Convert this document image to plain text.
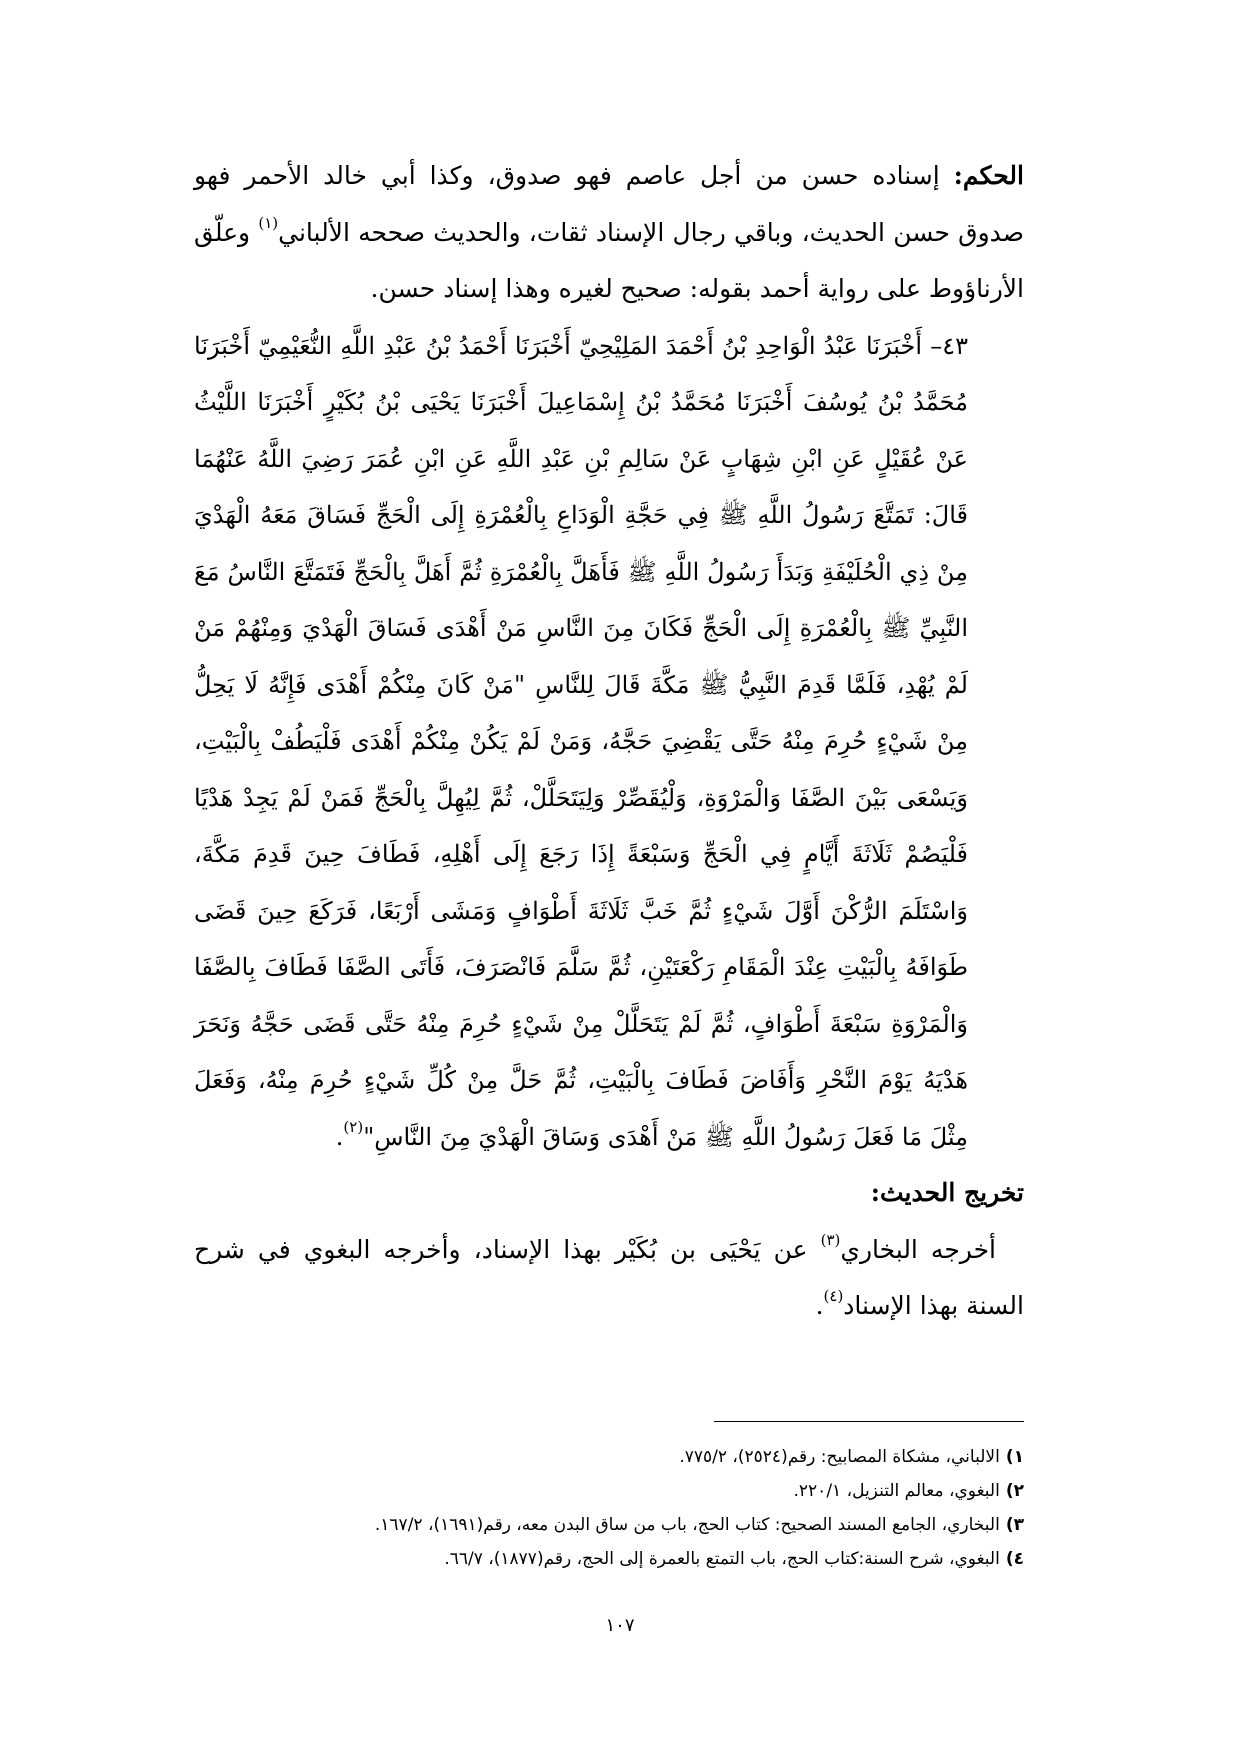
الحكم: إسناده حسن من أجل عاصم فهو صدوق، وكذا أبي خالد الأحمر فهو صدوق حسن الحديث، وباقي رجال الإسناد ثقات، والحديث صححه الألباني$^{(١)}$ وعلّق الأرناؤوط على رواية أحمد بقوله: صحيح لغيره وهذا إسناد حسن.

٤٣– أَخْبَرَنَا عَبْدُ الْوَاحِدِ بْنُ أَحْمَدَ المَلِيْحِيّ أَخْبَرَنَا أَحْمَدُ بْنُ عَبْدِ اللَّهِ النُّعَيْمِيّ أَخْبَرَنَا مُحَمَّدُ بْنُ يُوسُفَ أَخْبَرَنَا مُحَمَّدُ بْنُ إِسْمَاعِيلَ أَخْبَرَنَا يَحْيَى بْنُ بُكَيْرٍ أَخْبَرَنَا اللَّيْثُ عَنْ عُقَيْلٍ عَنِ ابْنِ شِهَابٍ عَنْ سَالِمِ بْنِ عَبْدِ اللَّهِ عَنِ ابْنِ عُمَرَ رَضِيَ اللَّهُ عَنْهُمَا قَالَ: تَمَتَّعَ رَسُولُ اللَّهِ ﷺ فِي حَجَّةِ الْوَدَاعِ بِالْعُمْرَةِ إِلَى الْحَجِّ فَسَاقَ مَعَهُ الْهَدْيَ مِنْ ذِي الْحُلَيْفَةِ وَبَدَأَ رَسُولُ اللَّهِ ﷺ فَأَهَلَّ بِالْعُمْرَةِ ثُمَّ أَهَلَّ بِالْحَجِّ فَتَمَتَّعَ النَّاسُ مَعَ النَّبِيِّ ﷺ بِالْعُمْرَةِ إِلَى الْحَجِّ فَكَانَ مِنَ النَّاسِ مَنْ أَهْدَى فَسَاقَ الْهَدْيَ وَمِنْهُمْ مَنْ لَمْ يُهْدِ، فَلَمَّا قَدِمَ النَّبِيُّ ﷺ مَكَّةَ قَالَ لِلنَّاسِ "مَنْ كَانَ مِنْكُمْ أَهْدَى فَإِنَّهُ لَا يَحِلُّ مِنْ شَيْءٍ حُرِمَ مِنْهُ حَتَّى يَقْضِيَ حَجَّهُ، وَمَنْ لَمْ يَكُنْ مِنْكُمْ أَهْدَى فَلْيَطُفْ بِالْبَيْتِ، وَيَسْعَى بَيْنَ الصَّفَا وَالْمَرْوَةِ، وَلْيُقَصِّرْ وَلِيَتَحَلَّلْ، ثُمَّ لِيُهِلَّ بِالْحَجِّ فَمَنْ لَمْ يَجِدْ هَدْيًا فَلْيَصُمْ ثَلَاثَةَ أَيَّامٍ فِي الْحَجِّ وَسَبْعَةً إِذَا رَجَعَ إِلَى أَهْلِهِ، فَطَافَ حِينَ قَدِمَ مَكَّةَ، وَاسْتَلَمَ الرُّكْنَ أَوَّلَ شَيْءٍ ثُمَّ خَبَّ ثَلَاثَةَ أَطْوَافٍ وَمَشَى أَرْبَعًا، فَرَكَعَ حِينَ قَضَى طَوَافَهُ بِالْبَيْتِ عِنْدَ الْمَقَامِ رَكْعَتَيْنِ، ثُمَّ سَلَّمَ فَانْصَرَفَ، فَأَتَى الصَّفَا فَطَافَ بِالصَّفَا وَالْمَرْوَةِ سَبْعَةَ أَطْوَافٍ، ثُمَّ لَمْ يَتَحَلَّلْ مِنْ شَيْءٍ حُرِمَ مِنْهُ حَتَّى قَضَى حَجَّهُ وَنَحَرَ هَدْيَهُ يَوْمَ النَّحْرِ وَأَفَاضَ فَطَافَ بِالْبَيْتِ، ثُمَّ حَلَّ مِنْ كُلِّ شَيْءٍ حُرِمَ مِنْهُ، وَفَعَلَ مِثْلَ مَا فَعَلَ رَسُولُ اللَّهِ ﷺ مَنْ أَهْدَى وَسَاقَ الْهَدْيَ مِنَ النَّاسِ"$^{(٢)}$.

تخريج الحديث:

أخرجه البخاري$^{(٣)}$ عن يَحْيَى بن بُكَيْر بهذا الإسناد، وأخرجه البغوي في شرح السنة بهذا الإسناد$^{(٤)}$.

١)
الالباني، مشكاة المصابيح: رقم(٢٥٢٤)، ٧٧٥/٢.
٢)
البغوي، معالم التنزيل، ٢٢٠/١.
٣)
البخاري، الجامع المسند الصحيح: كتاب الحج، باب من ساق البدن معه، رقم(١٦٩١)، ١٦٧/٢.
٤)
البغوي، شرح السنة:كتاب الحج، باب التمتع بالعمرة إلى الحج، رقم(١٨٧٧)، ٦٦/٧.
١٠٧
